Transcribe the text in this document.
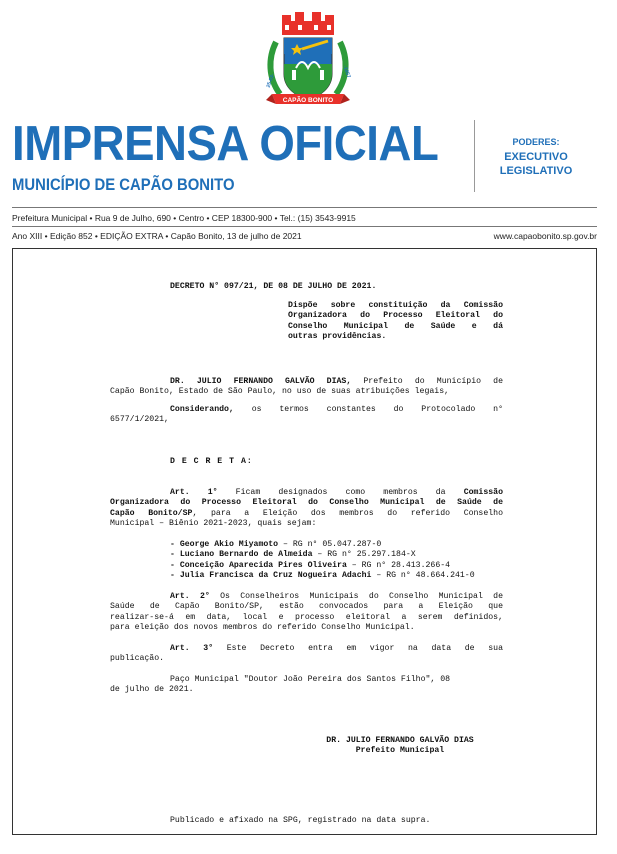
CAPÃO BONITO
25-03-
-1857
IMPRENSA OFICIAL
MUNICÍPIO DE CAPÃO BONITO
PODERES:
EXECUTIVO
LEGISLATIVO
Prefeitura Municipal • Rua 9 de Julho, 690 • Centro • CEP 18300-900 • Tel.: (15) 3543-9915
Ano XIII • Edição 852 • EDIÇÃO EXTRA • Capão Bonito, 13 de julho de 2021	www.capaobonito.sp.gov.br
DECRETO N° 097/21, DE 08 DE JULHO DE 2021.
Dispõe sobre constituição da Comissão
Organizadora do Processo Eleitoral do
Conselho Municipal de Saúde e dá
outras providências.
DR. JULIO FERNANDO GALVÃO DIAS, Prefeito do Município de
Capão Bonito, Estado de São Paulo, no uso de suas atribuições legais,
Considerando, os termos constantes do Protocolado n°
6577/1/2021,
D E C R E T A:
Art. 1° Ficam designados como membros da Comissão
Organizadora do Processo Eleitoral do Conselho Municipal de Saúde de
Capão Bonito/SP, para a Eleição dos membros do referido Conselho
Municipal – Biênio 2021-2023, quais sejam:
- George Akio Miyamoto – RG n° 05.047.287-0
- Luciano Bernardo de Almeida – RG n° 25.297.184-X
- Conceição Aparecida Pires Oliveira – RG n° 28.413.266-4
- Julia Francisca da Cruz Nogueira Adachi – RG n° 48.664.241-0
Art. 2° Os Conselheiros Municipais do Conselho Municipal de
Saúde de Capão Bonito/SP, estão convocados para a Eleição que
realizar-se-á em data, local e processo eleitoral a serem definidos,
para eleição dos novos membros do referido Conselho Municipal.
Art. 3° Este Decreto entra em vigor na data de sua
publicação.
Paço Municipal "Doutor João Pereira dos Santos Filho", 08
de julho de 2021.
DR. JULIO FERNANDO GALVÃO DIAS
Prefeito Municipal
Publicado e afixado na SPG, registrado na data supra.
